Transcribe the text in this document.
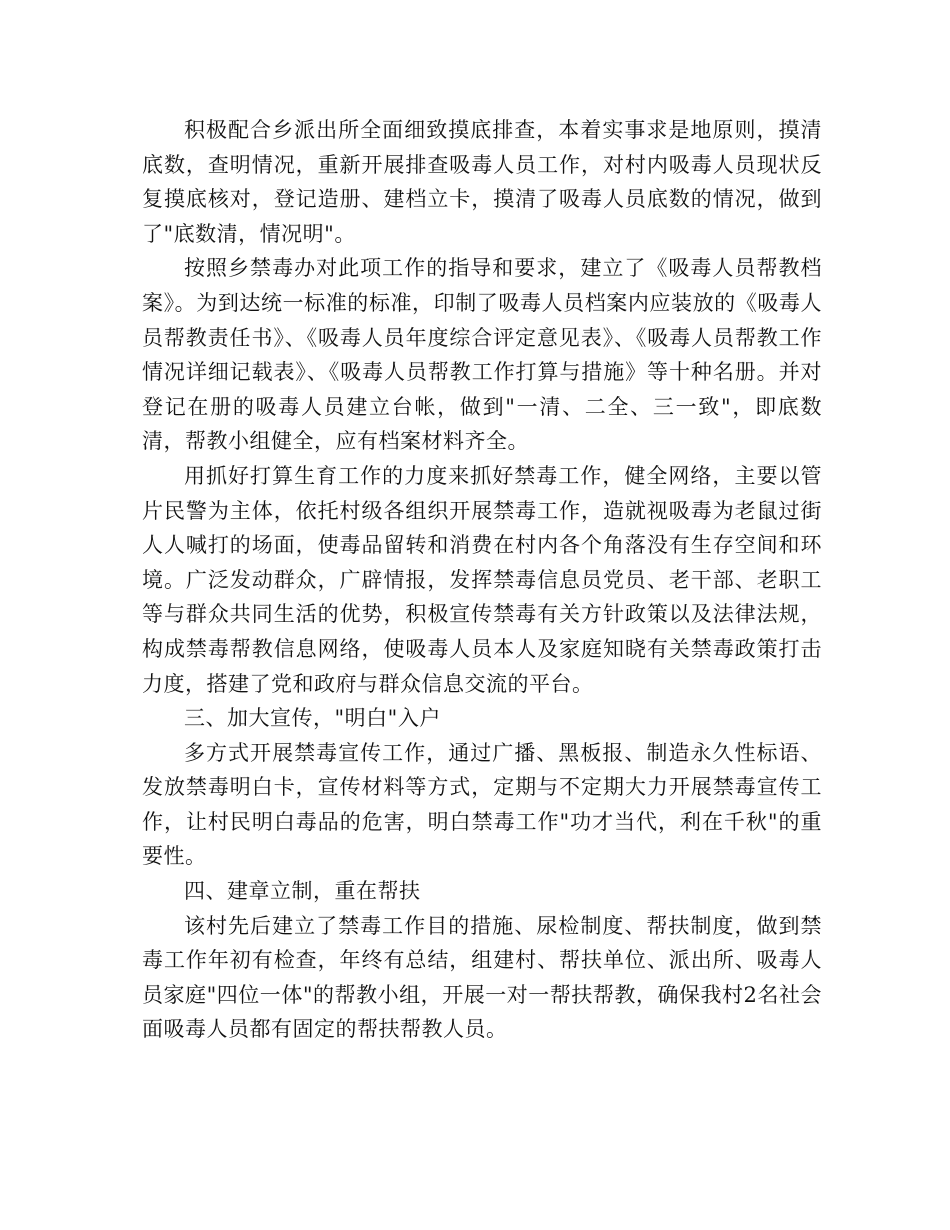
积极配合乡派出所全面细致摸底排查，本着实事求是地原则，摸清底数，查明情况，重新开展排查吸毒人员工作，对村内吸毒人员现状反复摸底核对，登记造册、建档立卡，摸清了吸毒人员底数的情况，做到了"底数清，情况明"。

按照乡禁毒办对此项工作的指导和要求，建立了《吸毒人员帮教档案》。为到达统一标准的标准，印制了吸毒人员档案内应装放的《吸毒人员帮教责任书》、《吸毒人员年度综合评定意见表》、《吸毒人员帮教工作情况详细记载表》、《吸毒人员帮教工作打算与措施》等十种名册。并对登记在册的吸毒人员建立台帐，做到"一清、二全、三一致"，即底数清，帮教小组健全，应有档案材料齐全。

用抓好打算生育工作的力度来抓好禁毒工作，健全网络，主要以管片民警为主体，依托村级各组织开展禁毒工作，造就视吸毒为老鼠过街人人喊打的场面，使毒品留转和消费在村内各个角落没有生存空间和环境。广泛发动群众，广辟情报，发挥禁毒信息员党员、老干部、老职工等与群众共同生活的优势，积极宣传禁毒有关方针政策以及法律法规，构成禁毒帮教信息网络，使吸毒人员本人及家庭知晓有关禁毒政策打击力度，搭建了党和政府与群众信息交流的平台。

三、加大宣传，"明白"入户

多方式开展禁毒宣传工作，通过广播、黑板报、制造永久性标语、发放禁毒明白卡，宣传材料等方式，定期与不定期大力开展禁毒宣传工作，让村民明白毒品的危害，明白禁毒工作"功才当代，利在千秋"的重要性。

四、建章立制，重在帮扶

该村先后建立了禁毒工作目的措施、尿检制度、帮扶制度，做到禁毒工作年初有检查，年终有总结，组建村、帮扶单位、派出所、吸毒人员家庭"四位一体"的帮教小组，开展一对一帮扶帮教，确保我村2名社会面吸毒人员都有固定的帮扶帮教人员。
